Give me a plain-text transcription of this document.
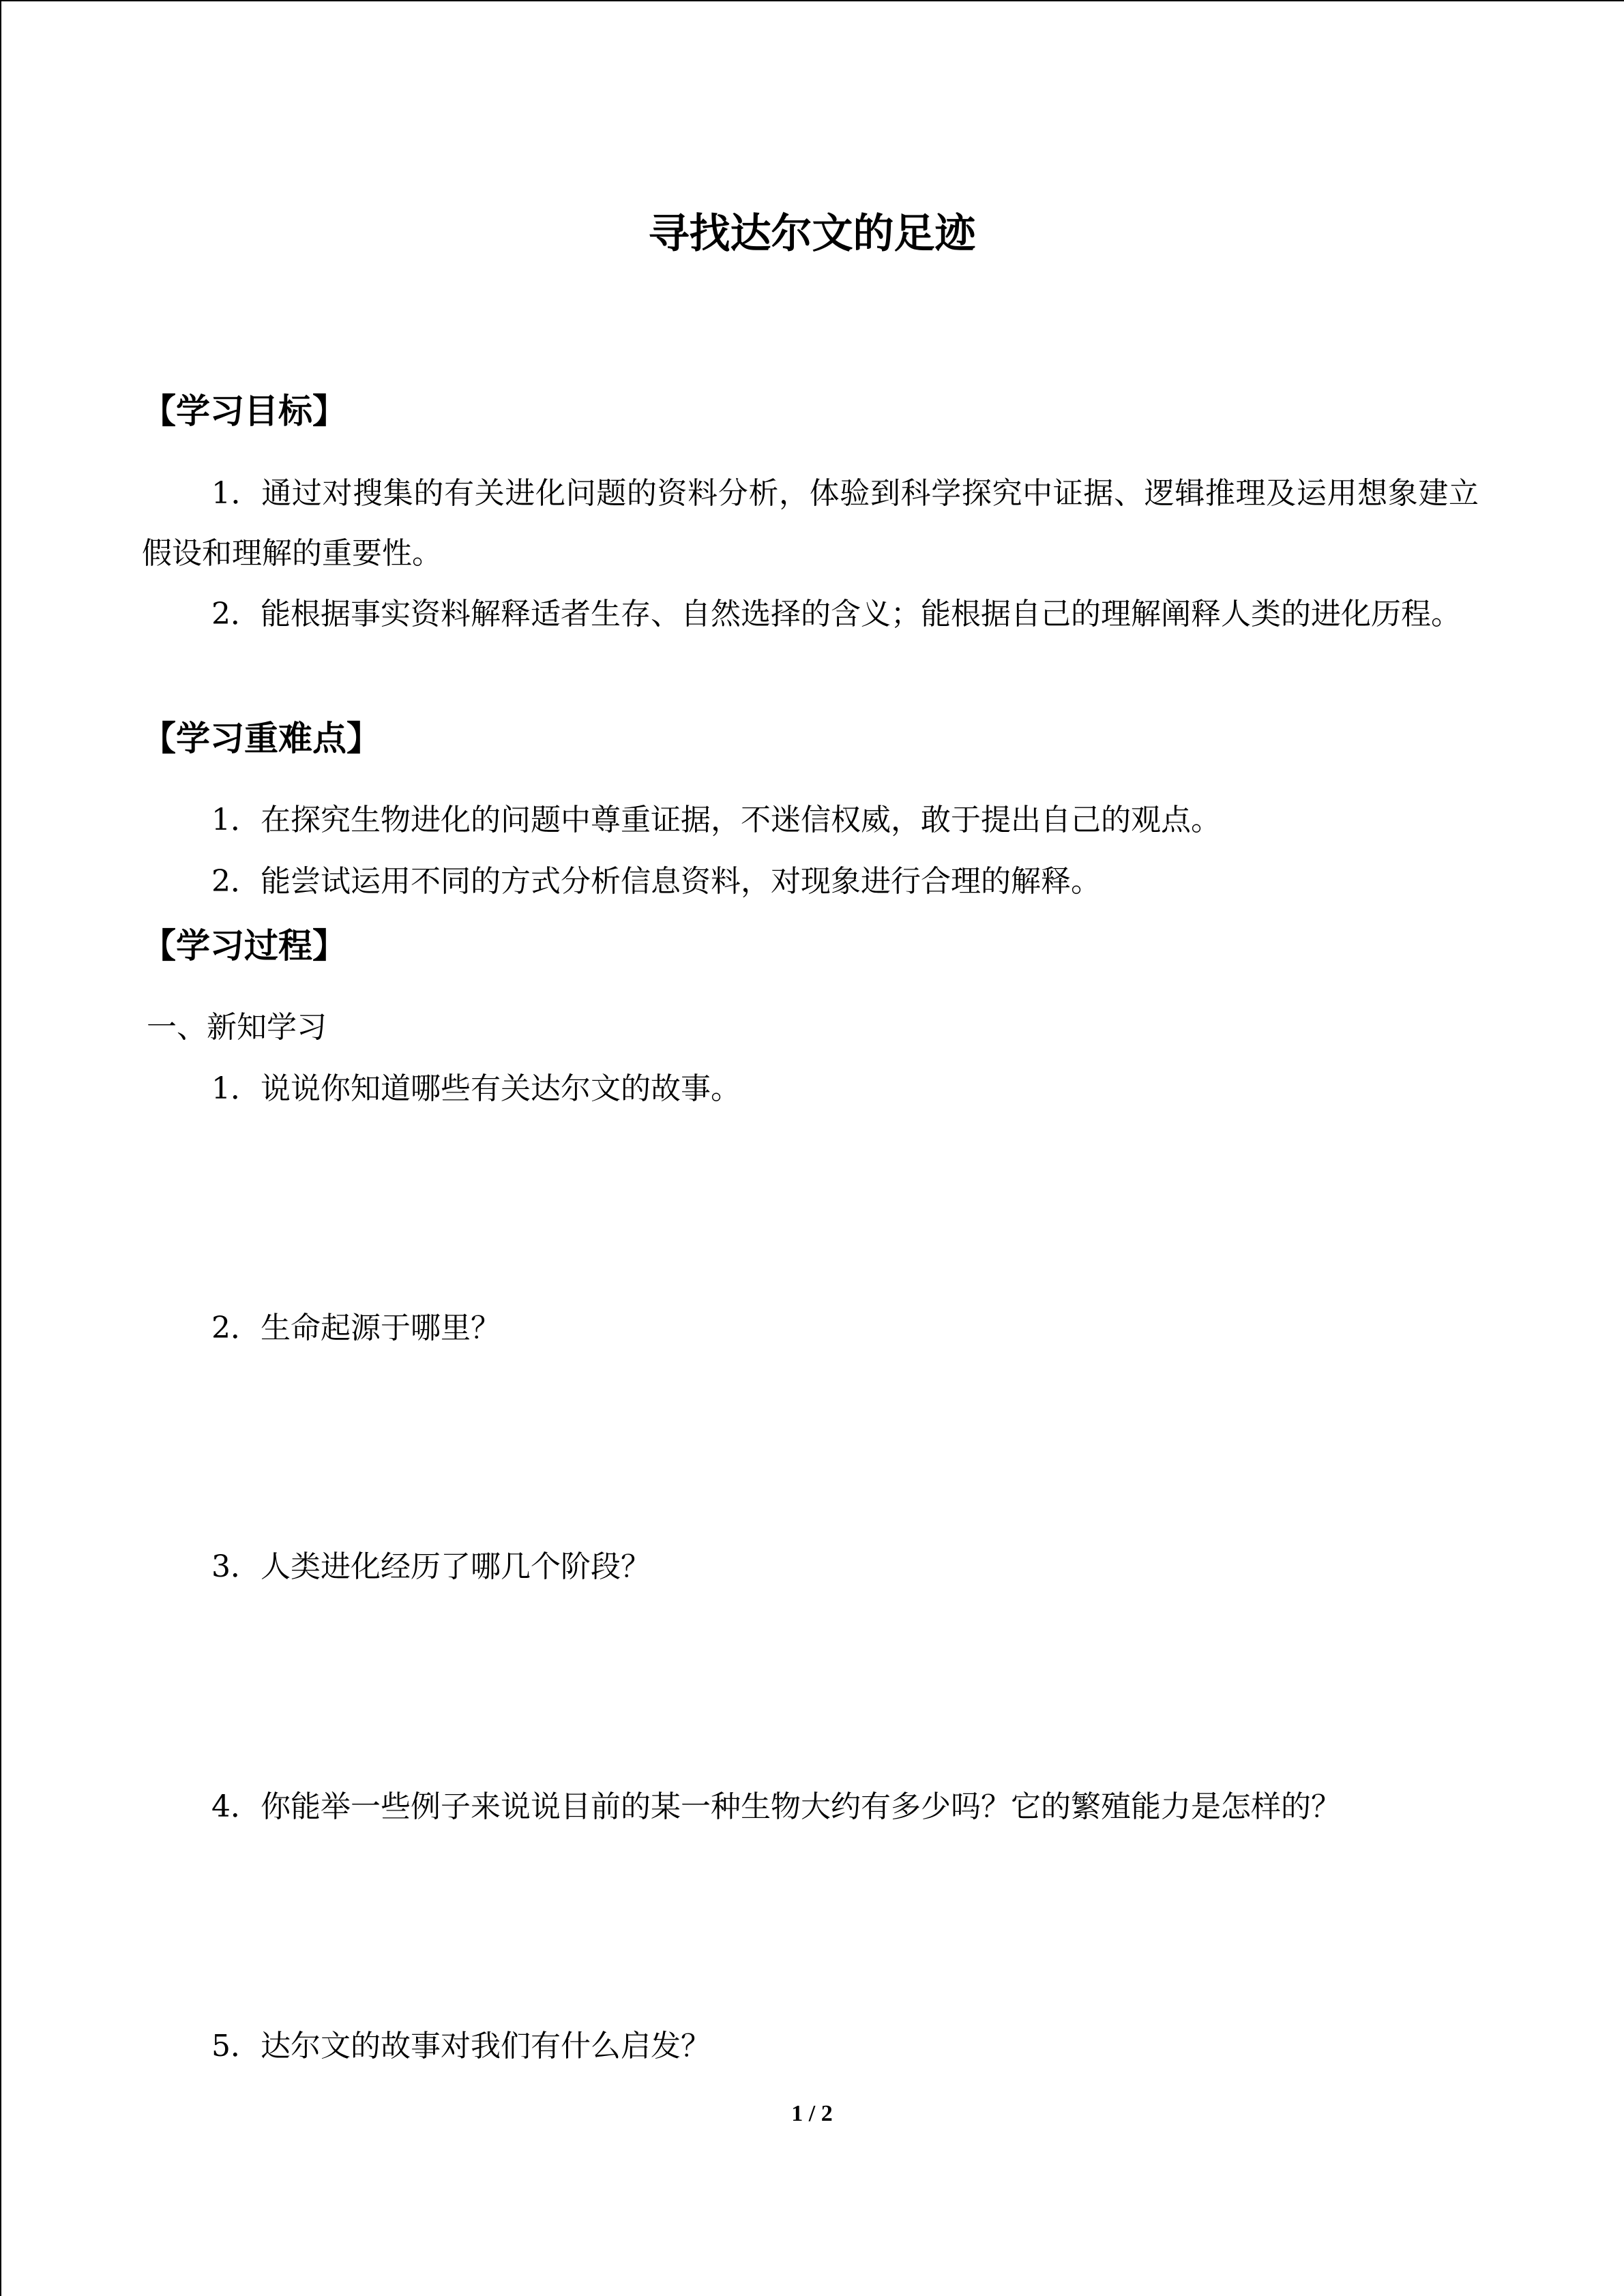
寻找达尔文的足迹
【学习目标】

1．通过对搜集的有关进化问题的资料分析，体验到科学探究中证据、逻辑推理及运用想象建立假设和理解的重要性。

2．能根据事实资料解释适者生存、自然选择的含义；能根据自己的理解阐释人类的进化历程。

【学习重难点】

1．在探究生物进化的问题中尊重证据，不迷信权威，敢于提出自己的观点。

2．能尝试运用不同的方式分析信息资料，对现象进行合理的解释。

【学习过程】

一、新知学习

1．说说你知道哪些有关达尔文的故事。

2．生命起源于哪里？

3．人类进化经历了哪几个阶段？

4．你能举一些例子来说说目前的某一种生物大约有多少吗？它的繁殖能力是怎样的？

5．达尔文的故事对我们有什么启发？

1 / 2
